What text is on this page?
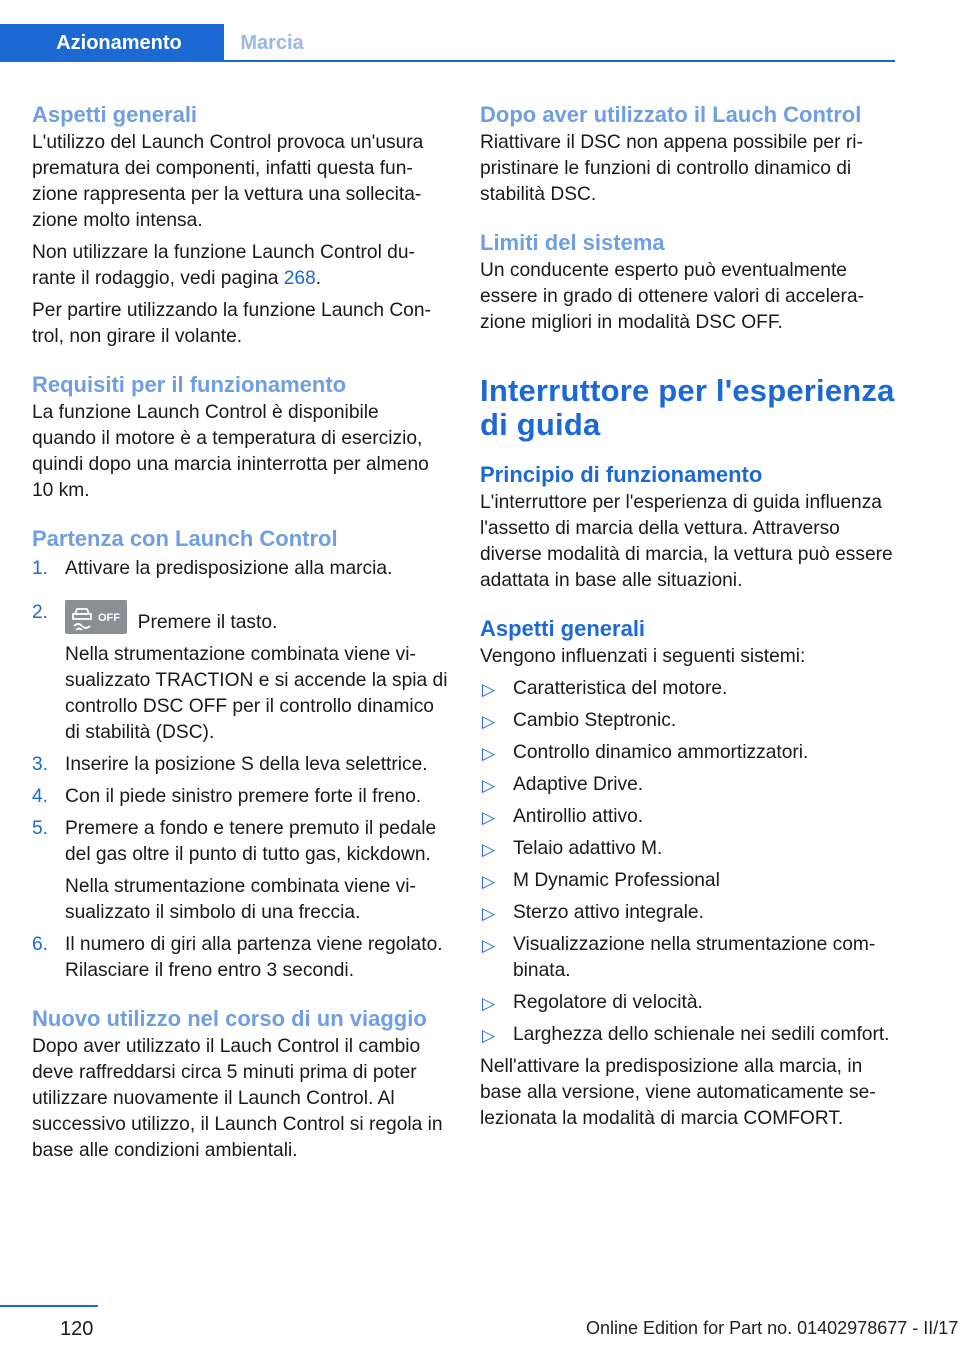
Azionamento	Marcia
Aspetti generali

L'utilizzo del Launch Control provoca un'usura prematura dei componenti, infatti questa funzione rappresenta per la vettura una sollecitazione molto intensa.

Non utilizzare la funzione Launch Control durante il rodaggio, vedi pagina 268.

Per partire utilizzando la funzione Launch Control, non girare il volante.

Requisiti per il funzionamento

La funzione Launch Control è disponibile quando il motore è a temperatura di esercizio, quindi dopo una marcia ininterrotta per almeno 10 km.

Partenza con Launch Control
1. Attivare la predisposizione alla marcia.
2.	OFF Premere il tasto.
Nella strumentazione combinata viene visualizzato TRACTION e si accende la spia di controllo DSC OFF per il controllo dinamico di stabilità (DSC).
3. Inserire la posizione S della leva selettrice.
4. Con il piede sinistro premere forte il freno.
5. Premere a fondo e tenere premuto il pedale del gas oltre il punto di tutto gas, kickdown.
Nella strumentazione combinata viene visualizzato il simbolo di una freccia.
6. Il numero di giri alla partenza viene regolato. Rilasciare il freno entro 3 secondi.
Nuovo utilizzo nel corso di un viaggio

Dopo aver utilizzato il Lauch Control il cambio deve raffreddarsi circa 5 minuti prima di poter utilizzare nuovamente il Launch Control. Al successivo utilizzo, il Launch Control si regola in base alle condizioni ambientali.

Dopo aver utilizzato il Lauch Control

Riattivare il DSC non appena possibile per ripristinare le funzioni di controllo dinamico di stabilità DSC.

Limiti del sistema

Un conducente esperto può eventualmente essere in grado di ottenere valori di accelerazione migliori in modalità DSC OFF.

Interruttore per l'esperienza di guida
Principio di funzionamento

L'interruttore per l'esperienza di guida influenza l'assetto di marcia della vettura. Attraverso diverse modalità di marcia, la vettura può essere adattata in base alle situazioni.

Aspetti generali

Vengono influenzati i seguenti sistemi:

▷ Caratteristica del motore.
▷ Cambio Steptronic.
▷ Controllo dinamico ammortizzatori.
▷ Adaptive Drive.
▷ Antirollio attivo.
▷ Telaio adattivo M.
▷ M Dynamic Professional
▷ Sterzo attivo integrale.
▷ Visualizzazione nella strumentazione combinata.
▷ Regolatore di velocità.
▷ Larghezza dello schienale nei sedili comfort.

Nell'attivare la predisposizione alla marcia, in base alla versione, viene automaticamente selezionata la modalità di marcia COMFORT.

120	Online Edition for Part no. 01402978677 - II/17
